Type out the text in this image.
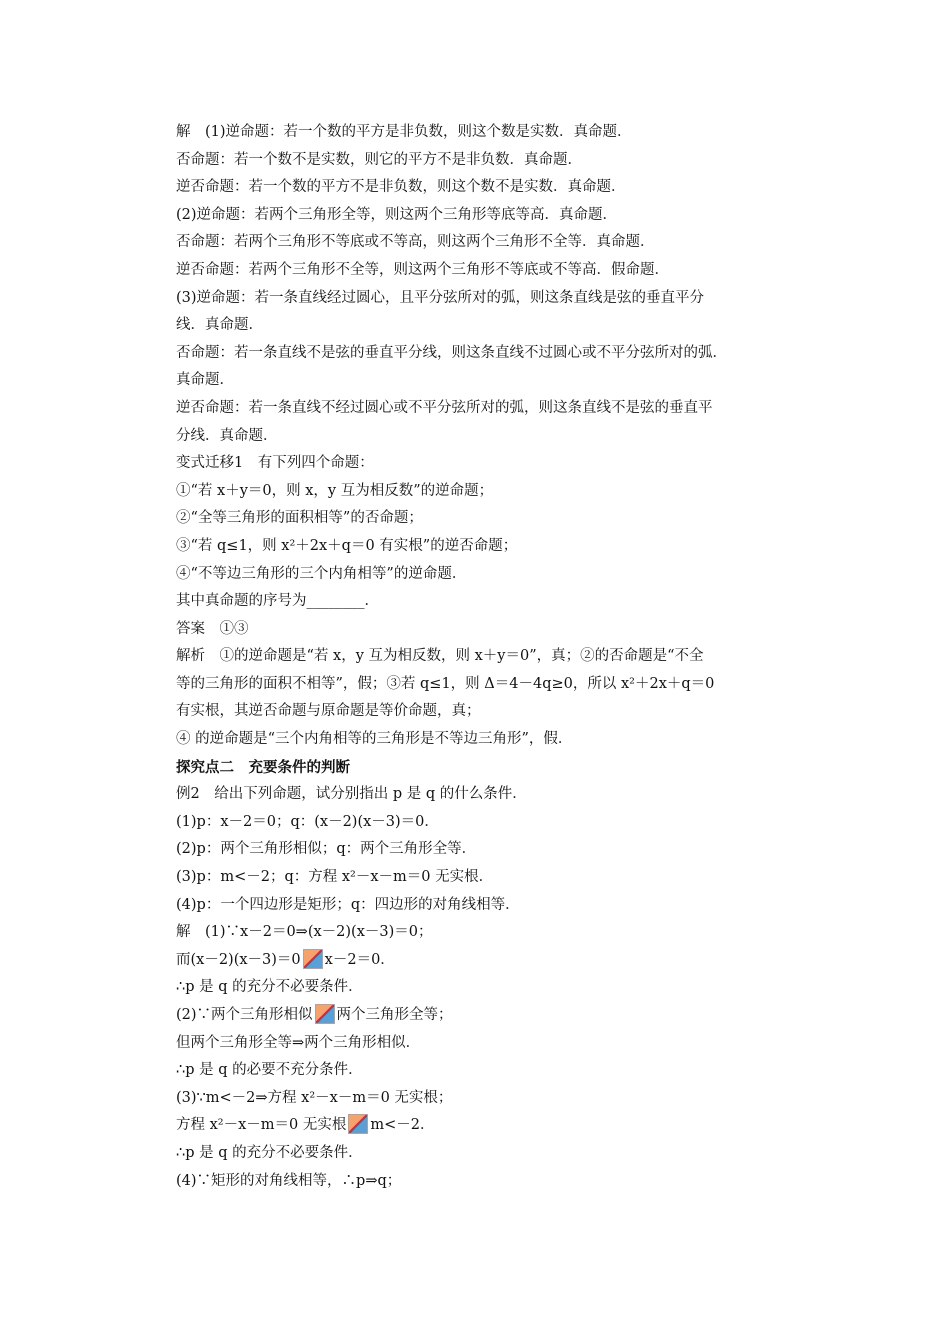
解　(1)逆命题：若一个数的平方是非负数，则这个数是实数．真命题．
否命题：若一个数不是实数，则它的平方不是非负数．真命题．
逆否命题：若一个数的平方不是非负数，则这个数不是实数．真命题．
(2)逆命题：若两个三角形全等，则这两个三角形等底等高．真命题．
否命题：若两个三角形不等底或不等高，则这两个三角形不全等．真命题．
逆否命题：若两个三角形不全等，则这两个三角形不等底或不等高．假命题．
(3)逆命题：若一条直线经过圆心，且平分弦所对的弧，则这条直线是弦的垂直平分
线．真命题．
否命题：若一条直线不是弦的垂直平分线，则这条直线不过圆心或不平分弦所对的弧．
真命题．
逆否命题：若一条直线不经过圆心或不平分弦所对的弧，则这条直线不是弦的垂直平
分线．真命题．
变式迁移1　有下列四个命题：
①“若 x＋y＝0，则 x，y 互为相反数”的逆命题；
②“全等三角形的面积相等”的否命题；
③“若 q≤1，则 x²＋2x＋q＝0 有实根”的逆否命题；
④“不等边三角形的三个内角相等”的逆命题．
其中真命题的序号为________．
答案　①③
解析　①的逆命题是“若 x，y 互为相反数，则 x＋y＝0”，真；②的否命题是“不全
等的三角形的面积不相等”，假；③若 q≤1，则 Δ＝4－4q≥0，所以 x²＋2x＋q＝0
有实根，其逆否命题与原命题是等价命题，真；
④ 的逆命题是“三个内角相等的三角形是不等边三角形”，假．
探究点二　充要条件的判断
例2　给出下列命题，试分别指出 p 是 q 的什么条件．
(1)p：x－2＝0；q：(x－2)(x－3)＝0．
(2)p：两个三角形相似；q：两个三角形全等．
(3)p：m<－2；q：方程 x²－x－m＝0 无实根．
(4)p：一个四边形是矩形；q：四边形的对角线相等．
解　(1)∵x－2＝0⇒(x－2)(x－3)＝0；
而(x－2)(x－3)＝0 x－2＝0．
∴p 是 q 的充分不必要条件．
(2)∵两个三角形相似 两个三角形全等；
但两个三角形全等⇒两个三角形相似．
∴p 是 q 的必要不充分条件．
(3)∵m<－2⇒方程 x²－x－m＝0 无实根；
方程 x²－x－m＝0 无实根 m<－2．
∴p 是 q 的充分不必要条件．
(4)∵矩形的对角线相等，∴p⇒q；
